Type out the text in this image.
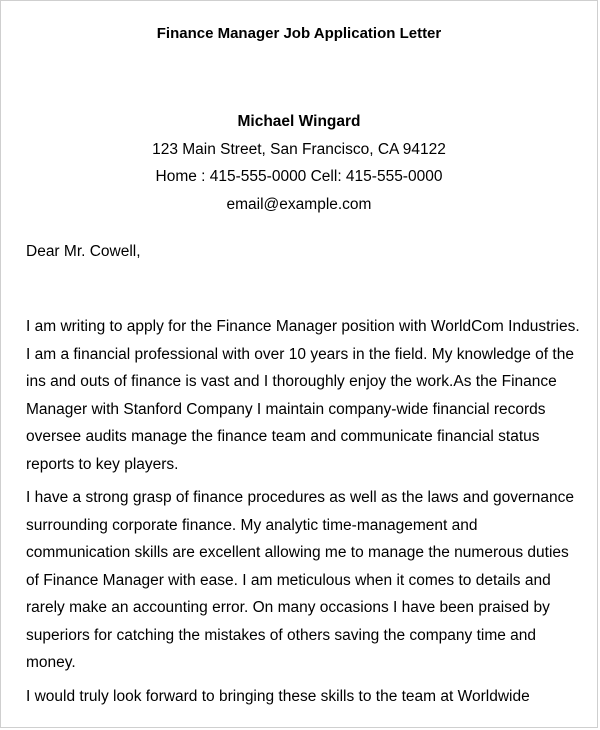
Finance Manager Job Application Letter
Michael Wingard
123 Main Street, San Francisco, CA 94122
Home : 415-555-0000 Cell: 415-555-0000
email@example.com

Dear Mr. Cowell,

I am writing to apply for the Finance Manager position with WorldCom Industries. I am a financial professional with over 10 years in the field. My knowledge of the ins and outs of finance is vast and I thoroughly enjoy the work.As the Finance Manager with Stanford Company I maintain company-wide financial records oversee audits manage the finance team and communicate financial status reports to key players.

I have a strong grasp of finance procedures as well as the laws and governance surrounding corporate finance. My analytic time-management and communication skills are excellent allowing me to manage the numerous duties of Finance Manager with ease. I am meticulous when it comes to details and rarely make an accounting error. On many occasions I have been praised by superiors for catching the mistakes of others saving the company time and money.

I would truly look forward to bringing these skills to the team at Worldwide
